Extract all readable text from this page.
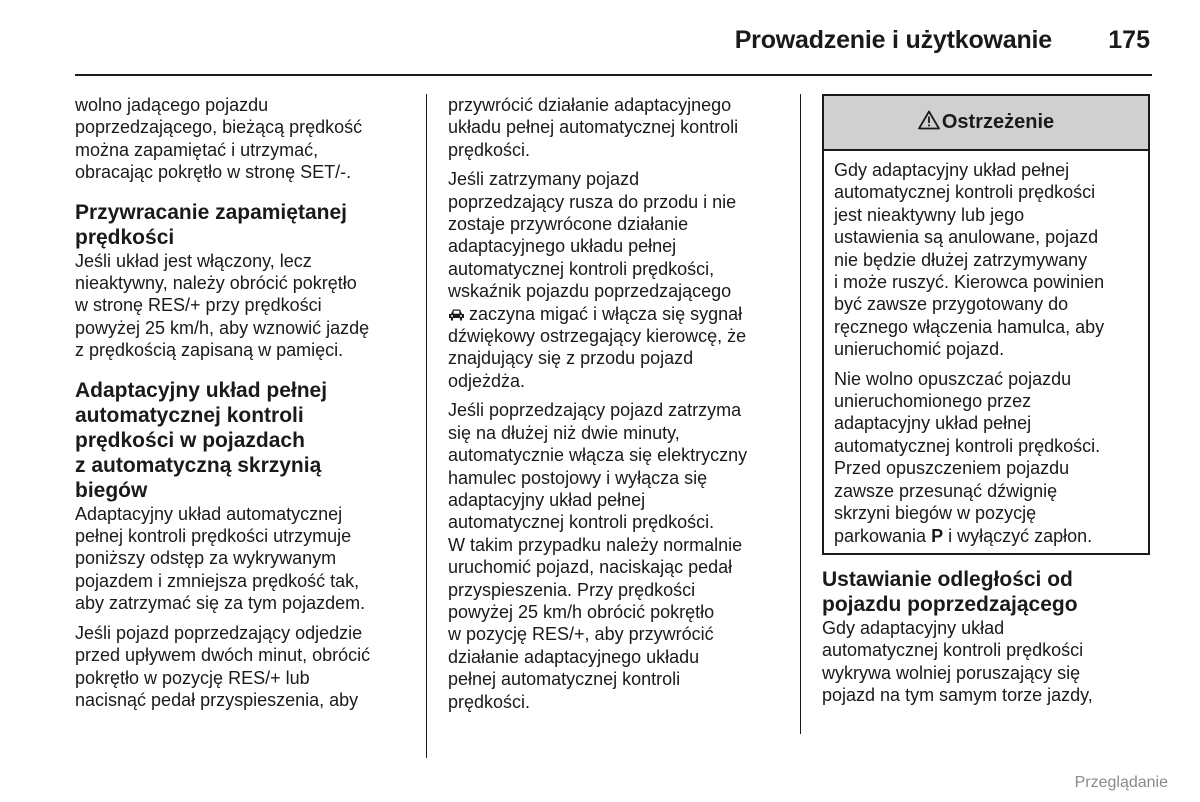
Prowadzenie i użytkowanie 175

wolno jadącego pojazdu
poprzedzającego, bieżącą prędkość
można zapamiętać i utrzymać,
obracając pokrętło w stronę SET/-.

Przywracanie zapamiętanej
prędkości

Jeśli układ jest włączony, lecz
nieaktywny, należy obrócić pokrętło
w stronę RES/+ przy prędkości
powyżej 25 km/h, aby wznowić jazdę
z prędkością zapisaną w pamięci.

Adaptacyjny układ pełnej
automatycznej kontroli
prędkości w pojazdach
z automatyczną skrzynią
biegów

Adaptacyjny układ automatycznej
pełnej kontroli prędkości utrzymuje
poniższy odstęp za wykrywanym
pojazdem i zmniejsza prędkość tak,
aby zatrzymać się za tym pojazdem.

Jeśli pojazd poprzedzający odjedzie
przed upływem dwóch minut, obrócić
pokrętło w pozycję RES/+ lub
nacisnąć pedał przyspieszenia, aby

przywrócić działanie adaptacyjnego
układu pełnej automatycznej kontroli
prędkości.

Jeśli zatrzymany pojazd
poprzedzający rusza do przodu i nie
zostaje przywrócone działanie
adaptacyjnego układu pełnej
automatycznej kontroli prędkości,
wskaźnik pojazdu poprzedzającego
zaczyna migać i włącza się sygnał
dźwiękowy ostrzegający kierowcę, że
znajdujący się z przodu pojazd
odjeżdża.

Jeśli poprzedzający pojazd zatrzyma
się na dłużej niż dwie minuty,
automatycznie włącza się elektryczny
hamulec postojowy i wyłącza się
adaptacyjny układ pełnej
automatycznej kontroli prędkości.
W takim przypadku należy normalnie
uruchomić pojazd, naciskając pedał
przyspieszenia. Przy prędkości
powyżej 25 km/h obrócić pokrętło
w pozycję RES/+, aby przywrócić
działanie adaptacyjnego układu
pełnej automatycznej kontroli
prędkości.

Ostrzeżenie

Gdy adaptacyjny układ pełnej
automatycznej kontroli prędkości
jest nieaktywny lub jego
ustawienia są anulowane, pojazd
nie będzie dłużej zatrzymywany
i może ruszyć. Kierowca powinien
być zawsze przygotowany do
ręcznego włączenia hamulca, aby
unieruchomić pojazd.

Nie wolno opuszczać pojazdu
unieruchomionego przez
adaptacyjny układ pełnej
automatycznej kontroli prędkości.
Przed opuszczeniem pojazdu
zawsze przesunąć dźwignię
skrzyni biegów w pozycję
parkowania P i wyłączyć zapłon.

Ustawianie odległości od
pojazdu poprzedzającego

Gdy adaptacyjny układ
automatycznej kontroli prędkości
wykrywa wolniej poruszający się
pojazd na tym samym torze jazdy,

Przeglądanie
